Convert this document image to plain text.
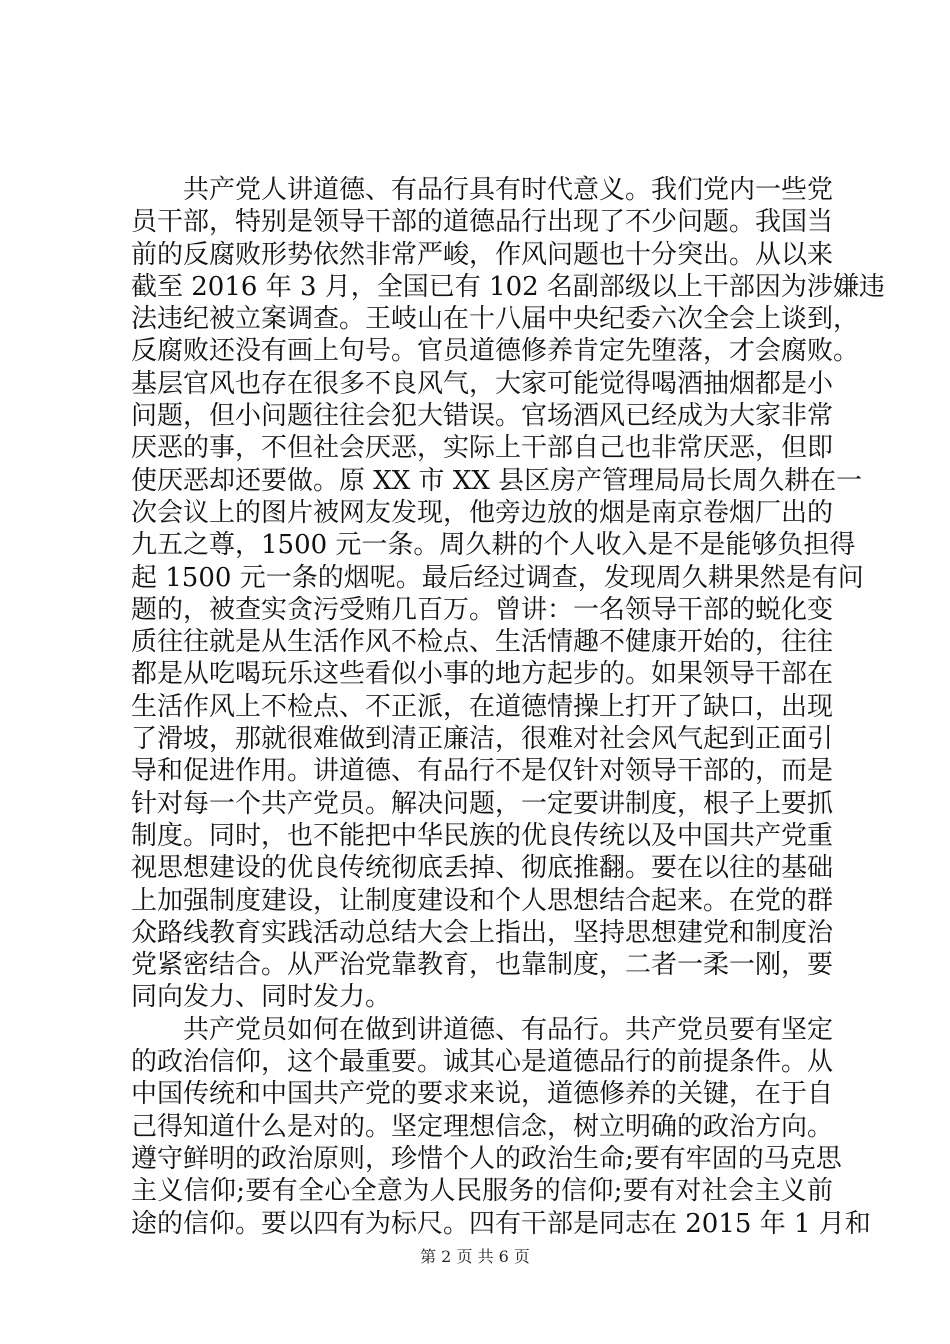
共产党人讲道德、有品行具有时代意义。我们党内一些党
员干部，特别是领导干部的道德品行出现了不少问题。我国当
前的反腐败形势依然非常严峻，作风问题也十分突出。从以来
截至 2016 年 3 月，全国已有 102 名副部级以上干部因为涉嫌违
法违纪被立案调查。王岐山在十八届中央纪委六次全会上谈到，
反腐败还没有画上句号。官员道德修养肯定先堕落，才会腐败。
基层官风也存在很多不良风气，大家可能觉得喝酒抽烟都是小
问题，但小问题往往会犯大错误。官场酒风已经成为大家非常
厌恶的事，不但社会厌恶，实际上干部自己也非常厌恶，但即
使厌恶却还要做。原 XX 市 XX 县区房产管理局局长周久耕在一
次会议上的图片被网友发现，他旁边放的烟是南京卷烟厂出的
九五之尊，1500 元一条。周久耕的个人收入是不是能够负担得
起 1500 元一条的烟呢。最后经过调查，发现周久耕果然是有问
题的，被查实贪污受贿几百万。曾讲：一名领导干部的蜕化变
质往往就是从生活作风不检点、生活情趣不健康开始的，往往
都是从吃喝玩乐这些看似小事的地方起步的。如果领导干部在
生活作风上不检点、不正派，在道德情操上打开了缺口，出现
了滑坡，那就很难做到清正廉洁，很难对社会风气起到正面引
导和促进作用。讲道德、有品行不是仅针对领导干部的，而是
针对每一个共产党员。解决问题，一定要讲制度，根子上要抓
制度。同时，也不能把中华民族的优良传统以及中国共产党重
视思想建设的优良传统彻底丢掉、彻底推翻。要在以往的基础
上加强制度建设，让制度建设和个人思想结合起来。在党的群
众路线教育实践活动总结大会上指出，坚持思想建党和制度治
党紧密结合。从严治党靠教育，也靠制度，二者一柔一刚，要
同向发力、同时发力。
共产党员如何在做到讲道德、有品行。共产党员要有坚定
的政治信仰，这个最重要。诚其心是道德品行的前提条件。从
中国传统和中国共产党的要求来说，道德修养的关键，在于自
己得知道什么是对的。坚定理想信念，树立明确的政治方向。
遵守鲜明的政治原则，珍惜个人的政治生命;要有牢固的马克思
主义信仰;要有全心全意为人民服务的信仰;要有对社会主义前
途的信仰。要以四有为标尺。四有干部是同志在 2015 年 1 月和
第 2 页 共 6 页
